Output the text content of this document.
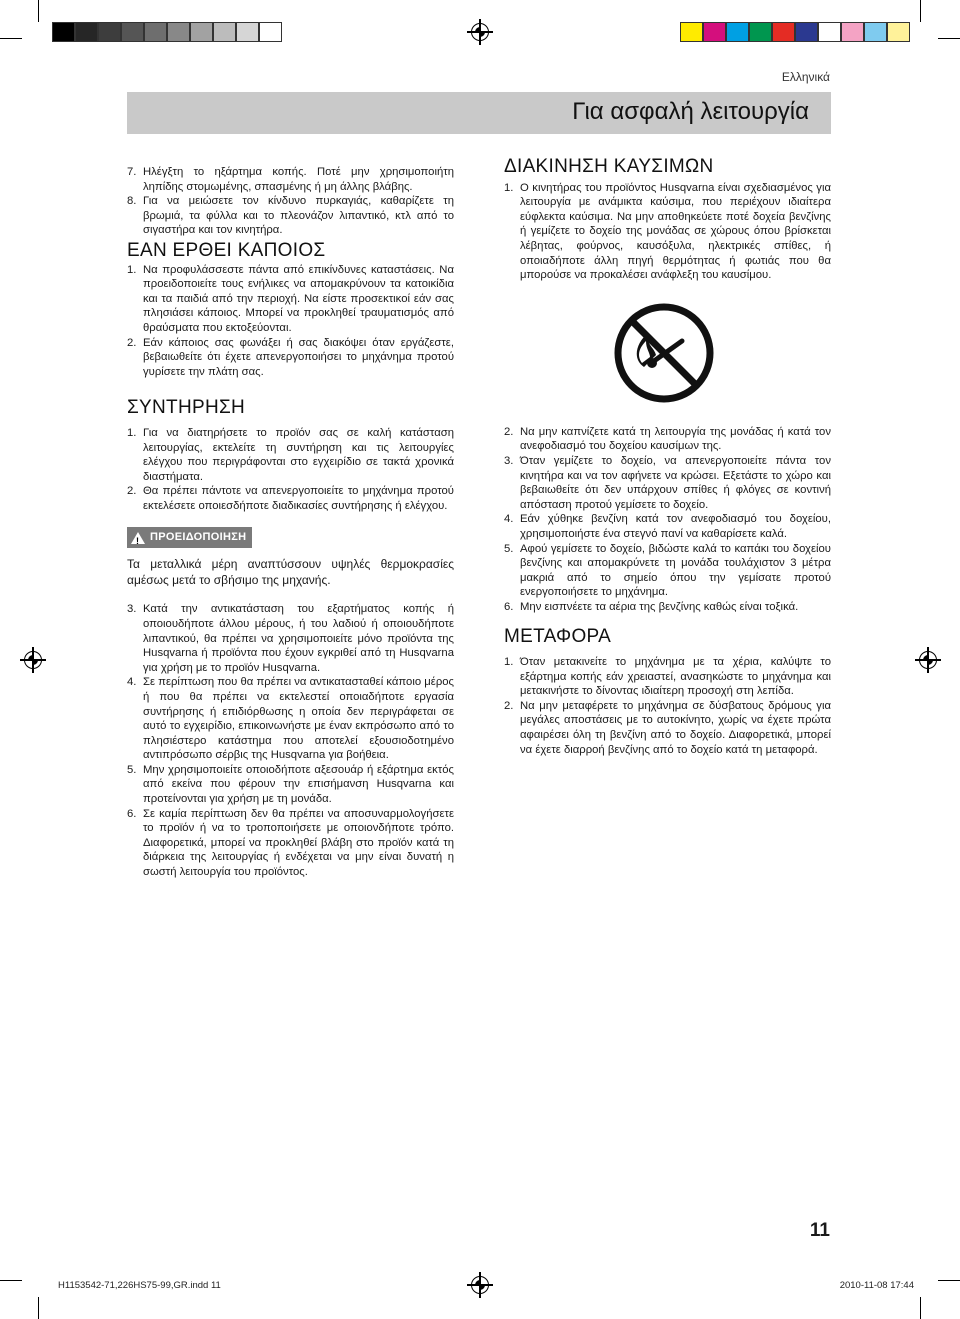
Ελληνικά
Για ασφαλή λειτουργία
7. Ηλέγξτη το ηξάρτημα κοπής. Ποτέ μην χρησιμοποιήτη ληπίδης στομωμένης, σπασμένης ή μη άλλης βλάβης.
8. Για να μειώσετε τον κίνδυνο πυρκαγιάς, καθαρίζετε τη βρωμιά, τα φύλλα και το πλεονάζον λιπαντικό, κτλ από το σιγαστήρα και τον κινητήρα.
ΕΑΝ ΕΡΘΕΙ ΚΑΠΟΙΟΣ
1. Να προφυλάσσεστε πάντα από επικίνδυνες καταστάσεις. Να προειδοποιείτε τους ενήλικες να απομακρύνουν τα κατοικίδια και τα παιδιά από την περιοχή. Να είστε προσεκτικοί εάν σας πλησιάσει κάποιος. Μπορεί να προκληθεί τραυματισμός από θραύσματα που εκτοξεύονται.
2. Εάν κάποιος σας φωνάξει ή σας διακόψει όταν εργάζεστε, βεβαιωθείτε ότι έχετε απενεργοποιήσει το μηχάνημα προτού γυρίσετε την πλάτη σας.
ΣΥΝΤΗΡΗΣΗ
1. Για να διατηρήσετε το προϊόν σας σε καλή κατάσταση λειτουργίας, εκτελείτε τη συντήρηση και τις λειτουργίες ελέγχου που περιγράφονται στο εγχειρίδιο σε τακτά χρονικά διαστήματα.
2. Θα πρέπει πάντοτε να απενεργοποιείτε το μηχάνημα προτού εκτελέσετε οποιεσδήποτε διαδικασίες συντήρησης ή ελέγχου.
! ΠΡΟΕΙΔΟΠΟΙΗΣΗ

Τα μεταλλικά μέρη αναπτύσσουν υψηλές θερμοκρασίες αμέσως μετά το σβήσιμο της μηχανής.

3. Κατά την αντικατάσταση του εξαρτήματος κοπής ή οποιουδήποτε άλλου μέρους, ή του λαδιού ή οποιουδήποτε λιπαντικού, θα πρέπει να χρησιμοποιείτε μόνο προϊόντα της Husqvarna ή προϊόντα που έχουν εγκριθεί από τη Husqvarna για χρήση με το προϊόν Husqvarna.
4. Σε περίπτωση που θα πρέπει να αντικατασταθεί κάποιο μέρος ή που θα πρέπει να εκτελεστεί οποιαδήποτε εργασία συντήρησης ή επιδιόρθωσης η οποία δεν περιγράφεται σε αυτό το εγχειρίδιο, επικοινωνήστε με έναν εκπρόσωπο από το πλησιέστερο κατάστημα που αποτελεί εξουσιοδοτημένο αντιπρόσωπο σέρβις της Husqvarna για βοήθεια.
5. Μην χρησιμοποιείτε οποιοδήποτε αξεσουάρ ή εξάρτημα εκτός από εκείνα που φέρουν την επισήμανση Husqvarna και προτείνονται για χρήση με τη μονάδα.
6. Σε καμία περίπτωση δεν θα πρέπει να αποσυναρμολογήσετε το προϊόν ή να το τροποποιήσετε με οποιονδήποτε τρόπο. Διαφορετικά, μπορεί να προκληθεί βλάβη στο προϊόν κατά τη διάρκεια της λειτουργίας ή ενδέχεται να μην είναι δυνατή η σωστή λειτουργία του προϊόντος.
ΔΙΑΚΙΝΗΣΗ ΚΑΥΣΙΜΩΝ
1. Ο κινητήρας του προϊόντος Husqvarna είναι σχεδιασμένος για λειτουργία με ανάμικτα καύσιμα, που περιέχουν ιδιαίτερα εύφλεκτα καύσιμα. Να μην αποθηκεύετε ποτέ δοχεία βενζίνης ή γεμίζετε το δοχείο της μονάδας σε χώρους όπου βρίσκεται λέβητας, φούρνος, καυσόξυλα, ηλεκτρικές σπίθες, ή οποιαδήποτε άλλη πηγή θερμότητας ή φωτιάς που θα μπορούσε να προκαλέσει ανάφλεξη του καυσίμου.
2. Να μην καπνίζετε κατά τη λειτουργία της μονάδας ή κατά τον ανεφοδιασμό του δοχείου καυσίμων της.
3. Όταν γεμίζετε το δοχείο, να απενεργοποιείτε πάντα τον κινητήρα και να τον αφήνετε να κρώσει. Εξετάστε το χώρο και βεβαιωθείτε ότι δεν υπάρχουν σπίθες ή φλόγες σε κοντινή απόσταση προτού γεμίσετε το δοχείο.
4. Εάν χύθηκε βενζίνη κατά τον ανεφοδιασμό του δοχείου, χρησιμοποιήστε ένα στεγνό πανί να καθαρίσετε καλά.
5. Αφού γεμίσετε το δοχείο, βιδώστε καλά το καπάκι του δοχείου βενζίνης και απομακρύνετε τη μονάδα τουλάχιστον 3 μέτρα μακριά από το σημείο όπου την γεμίσατε προτού ενεργοποιήσετε το μηχάνημα.
6. Μην εισπνέετε τα αέρια της βενζίνης καθώς είναι τοξικά.
ΜΕΤΑΦΟΡΑ
1. Όταν μετακινείτε το μηχάνημα με τα χέρια, καλύψτε το εξάρτημα κοπής εάν χρειαστεί, ανασηκώστε το μηχάνημα και μετακινήστε το δίνοντας ιδιαίτερη προσοχή στη λεπίδα.
2. Να μην μεταφέρετε το μηχάνημα σε δύσβατους δρόμους για μεγάλες αποστάσεις με το αυτοκίνητο, χωρίς να έχετε πρώτα αφαιρέσει όλη τη βενζίνη από το δοχείο. Διαφορετικά, μπορεί να έχετε διαρροή βενζίνης από το δοχείο κατά τη μεταφορά.
11
H1153542-71,226HS75-99,GR.indd 11	2010-11-08 17:44
